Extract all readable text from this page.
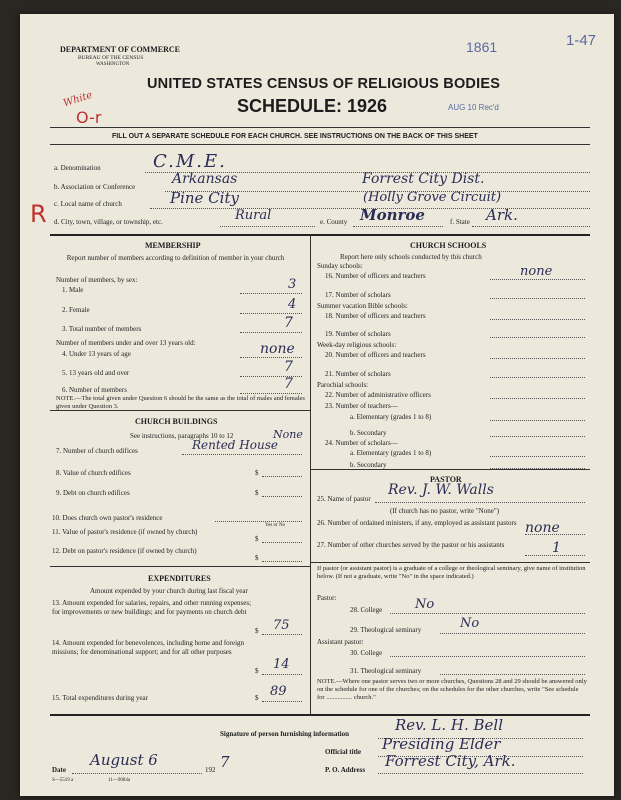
DEPARTMENT OF COMMERCE
BUREAU OF THE CENSUS
WASHINGTON
1861	1-47
UNITED STATES CENSUS OF RELIGIOUS BODIES
SCHEDULE: 1926	AUG 10 Rec'd
White
O-r
FILL OUT A SEPARATE SCHEDULE FOR EACH CHURCH. SEE INSTRUCTIONS ON THE BACK OF THIS SHEET
a. Denomination	C.M.E.
b. Association or Conference	Arkansas	Forrest City Dist.
c. Local name of church	Pine City	(Holly Grove Circuit)
R d. City, town, village, or township, etc.	Rural	e. County Monroe	f. State Ark.
MEMBERSHIP
Report number of members according to definition of member in your church
Number of members, by sex:
1. Male	3
2. Female	4
3. Total number of members	7
Number of members under and over 13 years old:
4. Under 13 years of age	none
5. 13 years old and over	7
6. Number of members	7
NOTE.—The total given under Question 6 should be the same as the total of males and females given under Question 3.
CHURCH BUILDINGS
See instructions, paragraphs 10 to 12
7. Number of church edifices	Rented House
None
8. Value of church edifices	$
9. Debt on church edifices	$
10. Does church own pastor's residence
Yes or No
11. Value of pastor's residence (if owned by church)
$
12. Debt on pastor's residence (if owned by church)
$
EXPENDITURES
Amount expended by your church during last fiscal year
13. Amount expended for salaries, repairs, and other running expenses; for improvements or new buildings; and for payments on church debt
$ 75
14. Amount expended for benevolences, including home and foreign missions; for denominational support; and for all other purposes
$ 14
15. Total expenditures during year	$ 89
CHURCH SCHOOLS
Report here only schools conducted by this church
Sunday schools:
16. Number of officers and teachers	none
17. Number of scholars
Summer vacation Bible schools:
18. Number of officers and teachers
19. Number of scholars
Week-day religious schools:
20. Number of officers and teachers
21. Number of scholars
Parochial schools:
22. Number of administrative officers
23. Number of teachers—
a. Elementary (grades 1 to 8)
b. Secondary
24. Number of scholars—
a. Elementary (grades 1 to 8)
b. Secondary
PASTOR
25. Name of pastor
Rev. J. W. Walls
(If church has no pastor, write "None")
26. Number of ordained ministers, if any, employed as assistant pastors none
27. Number of other churches served by the pastor or his assistants	1
If pastor (or assistant pastor) is a graduate of a college or theological seminary, give name of institution below. (If not a graduate, write "No" in the space indicated.)
Pastor:
28. College	No
29. Theological seminary	No
Assistant pastor:
30. College
31. Theological seminary
NOTE.—Where one pastor serves two or more churches, Questions 28 and 29 should be answered only on the schedule for one of the churches; on the schedules for the other churches, write "See schedule for ................ church."
Signature of person furnishing information	Rev. L. H. Bell
Official title Presiding Elder
Date
August 6
192 7	P. O. Address Forrest City, Ark.
S—5519 a	11—9084a
